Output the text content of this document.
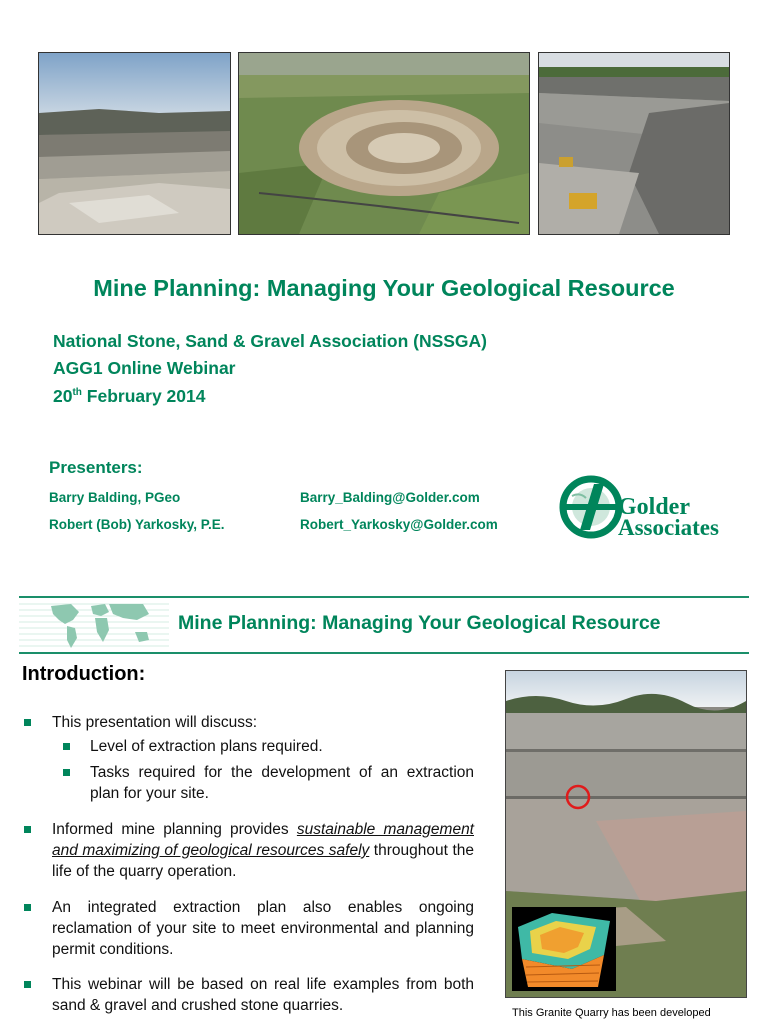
Mine Planning: Managing Your Geological Resource
National Stone, Sand & Gravel Association (NSSGA)
AGG1 Online Webinar
20th February 2014
Presenters:
Barry Balding, PGeo	Barry_Balding@Golder.com
Robert (Bob) Yarkosky, P.E.	Robert_Yarkosky@Golder.com
Golder
Associates
Mine Planning: Managing Your Geological Resource
Introduction:
This presentation will discuss:
Level of extraction plans required.
Tasks required for the development of an extraction plan for your site.
Informed mine planning provides sustainable management and maximizing of geological resources safely throughout the life of the quarry operation.
An integrated extraction plan also enables ongoing reclamation of your site to meet environmental and planning permit conditions.
This webinar will be based on real life examples from both sand & gravel and crushed stone quarries.	This Granite Quarry has been developed
